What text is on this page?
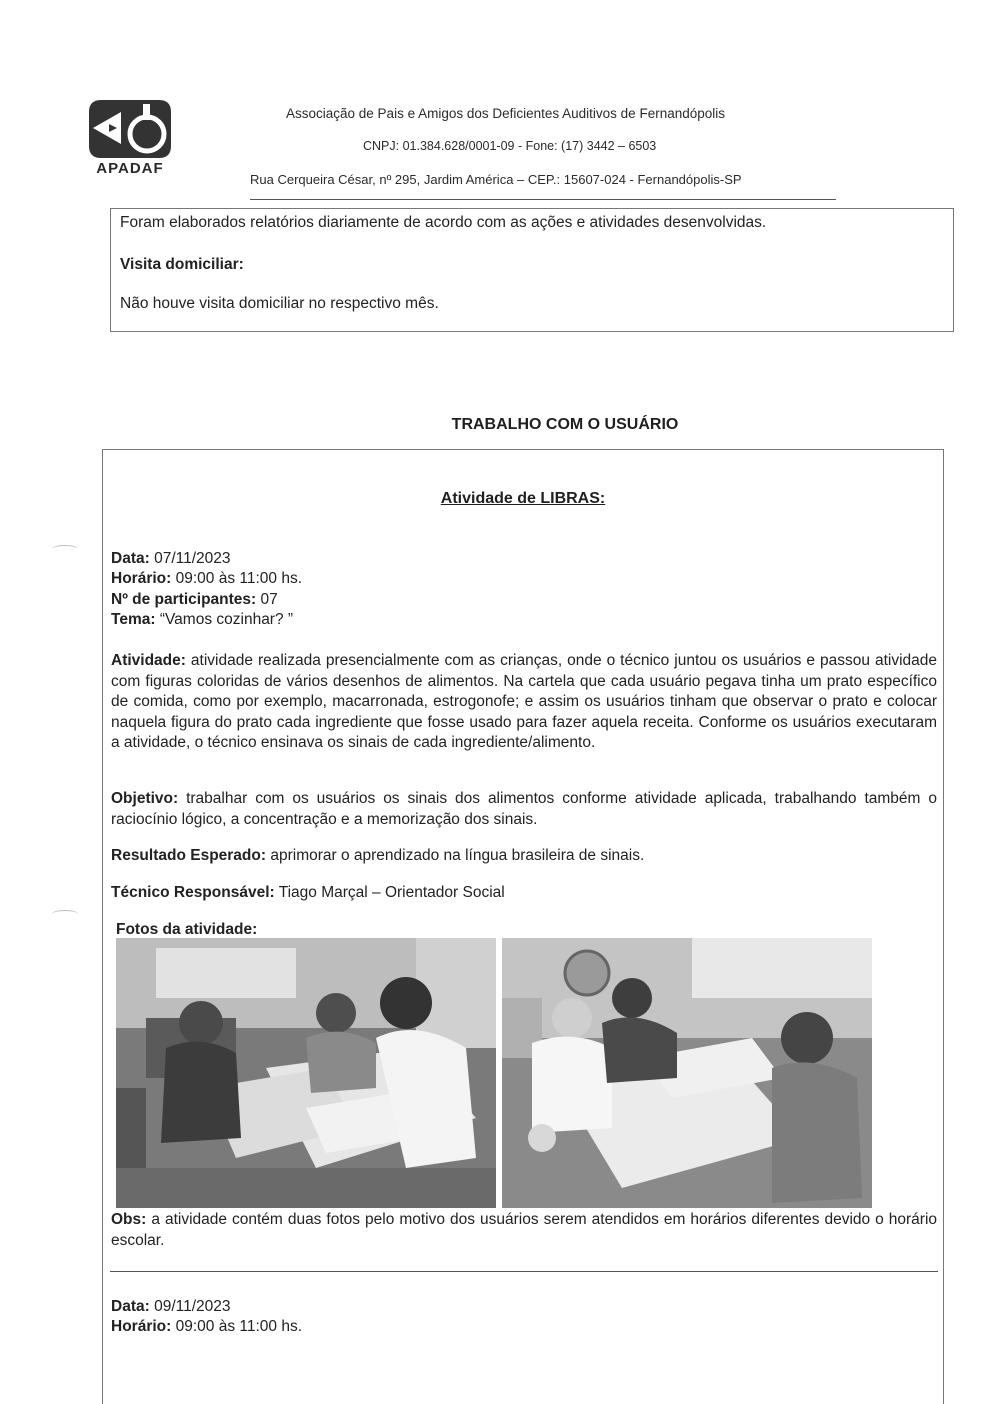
APADAF
Associação de Pais e Amigos dos Deficientes Auditivos de Fernandópolis
CNPJ: 01.384.628/0001-09 - Fone: (17) 3442 – 6503
Rua Cerqueira César, nº 295, Jardim América – CEP.: 15607-024 - Fernandópolis-SP
Foram elaborados relatórios diariamente de acordo com as ações e atividades desenvolvidas.
Visita domiciliar:
Não houve visita domiciliar no respectivo mês.
TRABALHO COM O USUÁRIO
Atividade de LIBRAS:
Data: 07/11/2023
Horário: 09:00 às 11:00 hs.
Nº de participantes: 07
Tema: “Vamos cozinhar? ”
Atividade: atividade realizada presencialmente com as crianças, onde o técnico juntou os usuários e passou atividade com figuras coloridas de vários desenhos de alimentos. Na cartela que cada usuário pegava tinha um prato específico de comida, como por exemplo, macarronada, estrogonofe; e assim os usuários tinham que observar o prato e colocar naquela figura do prato cada ingrediente que fosse usado para fazer aquela receita. Conforme os usuários executaram a atividade, o técnico ensinava os sinais de cada ingrediente/alimento.
Objetivo: trabalhar com os usuários os sinais dos alimentos conforme atividade aplicada, trabalhando também o raciocínio lógico, a concentração e a memorização dos sinais.
Resultado Esperado: aprimorar o aprendizado na língua brasileira de sinais.
Técnico Responsável: Tiago Marçal – Orientador Social
Fotos da atividade:
Obs: a atividade contém duas fotos pelo motivo dos usuários serem atendidos em horários diferentes devido o horário escolar.
Data: 09/11/2023
Horário: 09:00 às 11:00 hs.
